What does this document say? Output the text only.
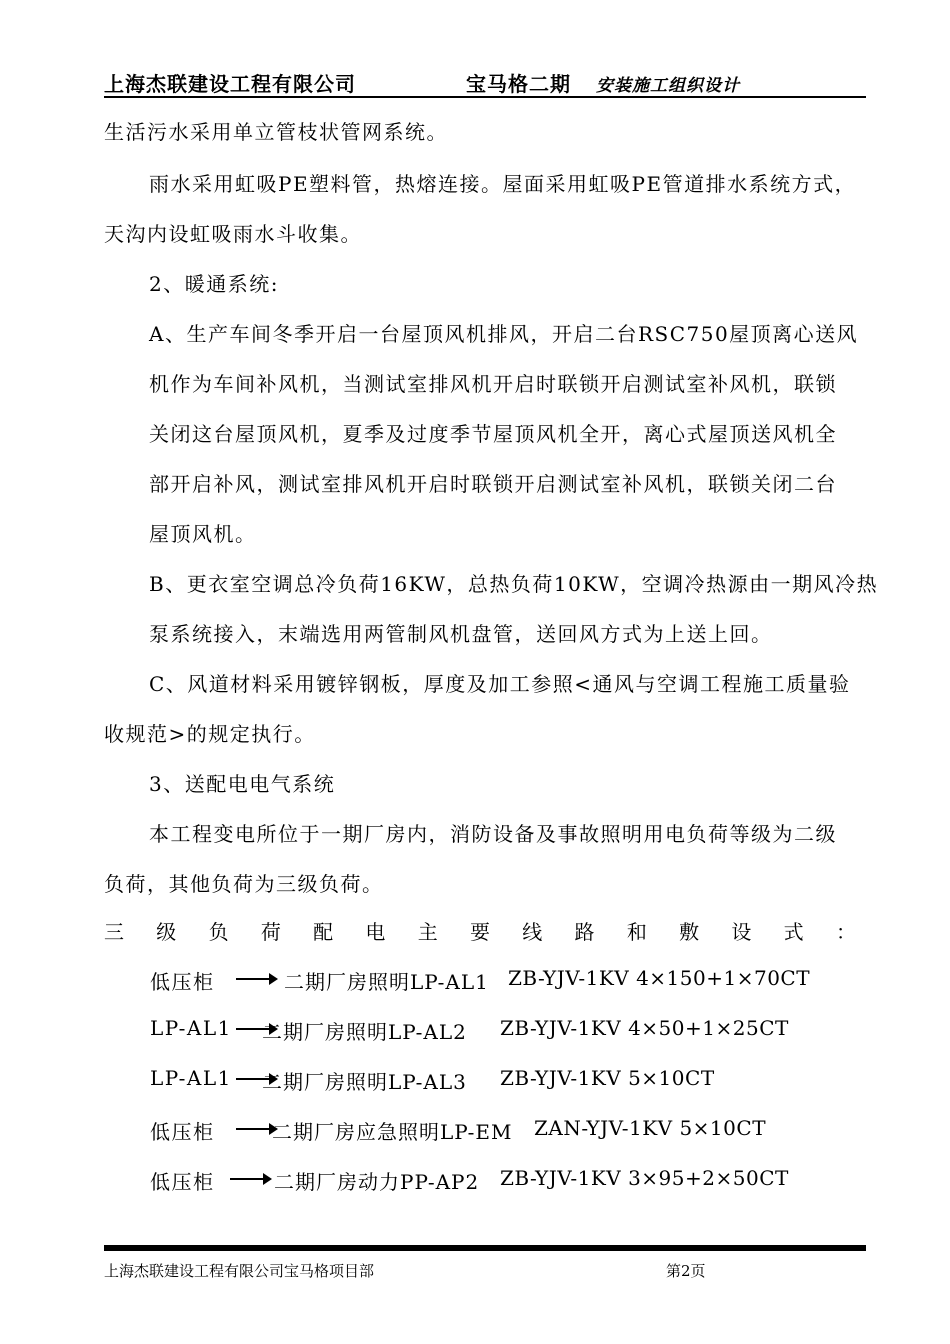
上海杰联建设工程有限公司	宝马格二期 安装施工组织设计
生活污水采用单立管枝状管网系统。
雨水采用虹吸PE塑料管，热熔连接。屋面采用虹吸PE管道排水系统方式，
天沟内设虹吸雨水斗收集。
2、暖通系统:
A、生产车间冬季开启一台屋顶风机排风，开启二台RSC750屋顶离心送风
机作为车间补风机，当测试室排风机开启时联锁开启测试室补风机，联锁
关闭这台屋顶风机，夏季及过度季节屋顶风机全开，离心式屋顶送风机全
部开启补风，测试室排风机开启时联锁开启测试室补风机，联锁关闭二台
屋顶风机。
B、更衣室空调总冷负荷16KW，总热负荷10KW，空调冷热源由一期风冷热
泵系统接入，末端选用两管制风机盘管，送回风方式为上送上回。
C、风道材料采用镀锌钢板，厚度及加工参照<通风与空调工程施工质量验
收规范>的规定执行。
3、送配电电气系统
本工程变电所位于一期厂房内，消防设备及事故照明用电负荷等级为二级
负荷，其他负荷为三级负荷。
三 级 负 荷 配 电 主 要 线 路 和 敷 设 式 ：
低压柜	二期厂房照明LP-AL1 ZB-YJV-1KV 4×150+1×70CT
LP-AL1 二期厂房照明LP-AL2 ZB-YJV-1KV 4×50+1×25CT
LP-AL1 二期厂房照明LP-AL3 ZB-YJV-1KV 5×10CT
低压柜	二期厂房应急照明LP-EM ZAN-YJV-1KV 5×10CT
低压柜	二期厂房动力PP-AP2 ZB-YJV-1KV 3×95+2×50CT
上海杰联建设工程有限公司宝马格项目部	第2页
